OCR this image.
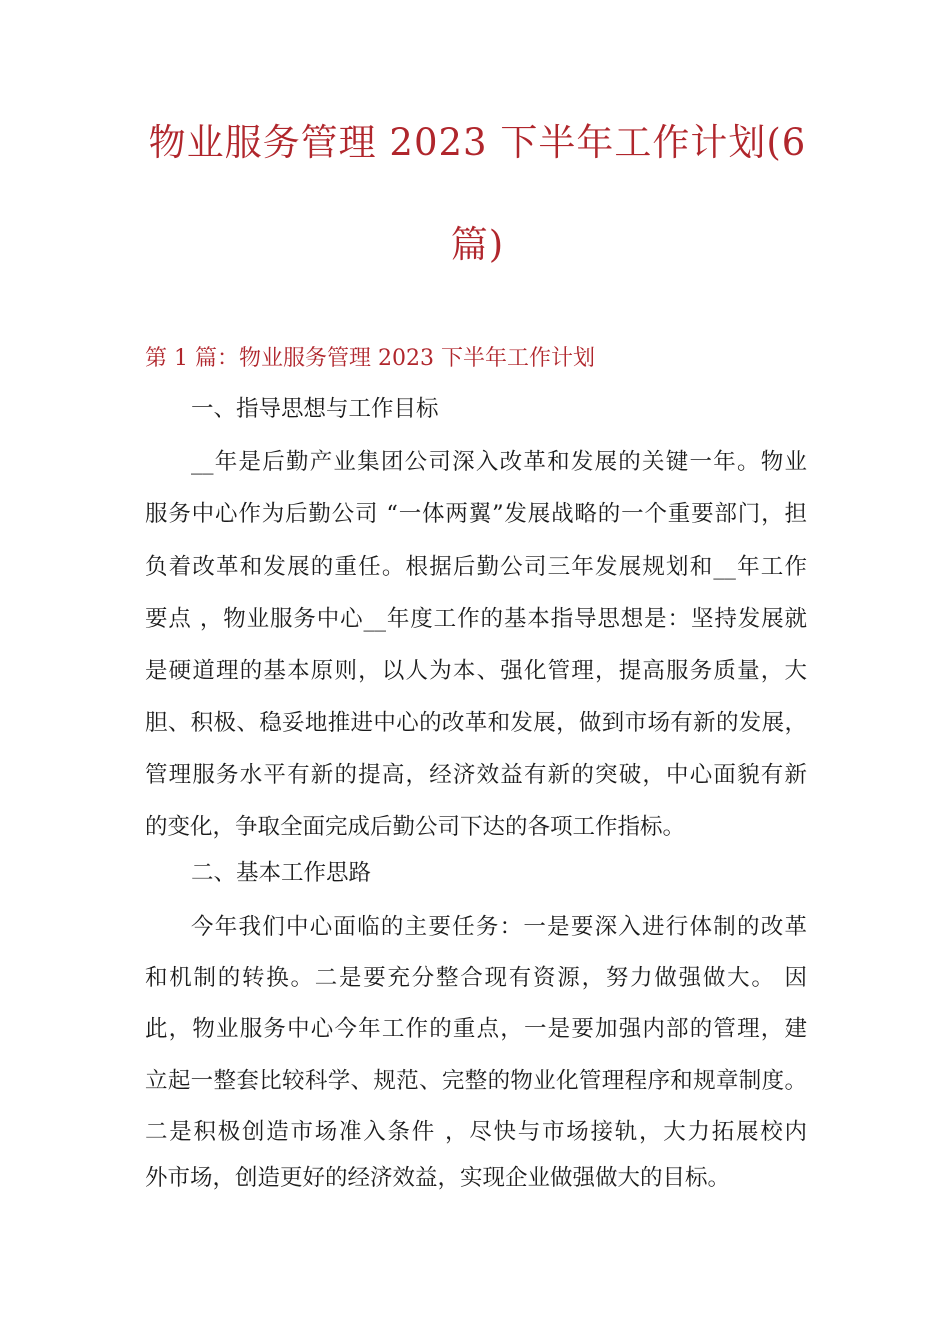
物业服务管理 2023 下半年工作计划(6
篇)
第 1 篇：物业服务管理 2023 下半年工作计划
一、指导思想与工作目标
__年是后勤产业集团公司深入改革和发展的关键一年。物业
服务中心作为后勤公司 “一体两翼”发展战略的一个重要部门，担
负着改革和发展的重任。根据后勤公司三年发展规划和__年工作
要点 ，物业服务中心__年度工作的基本指导思想是：坚持发展就
是硬道理的基本原则，以人为本、强化管理，提高服务质量，大
胆、积极、稳妥地推进中心的改革和发展，做到市场有新的发展，
管理服务水平有新的提高，经济效益有新的突破，中心面貌有新
的变化，争取全面完成后勤公司下达的各项工作指标。
二、基本工作思路
今年我们中心面临的主要任务：一是要深入进行体制的改革
和机制的转换。二是要充分整合现有资源，努力做强做大。 因
此，物业服务中心今年工作的重点，一是要加强内部的管理，建
立起一整套比较科学、规范、完整的物业化管理程序和规章制度。
二是积极创造市场准入条件 ，尽快与市场接轨，大力拓展校内
外市场，创造更好的经济效益，实现企业做强做大的目标。
